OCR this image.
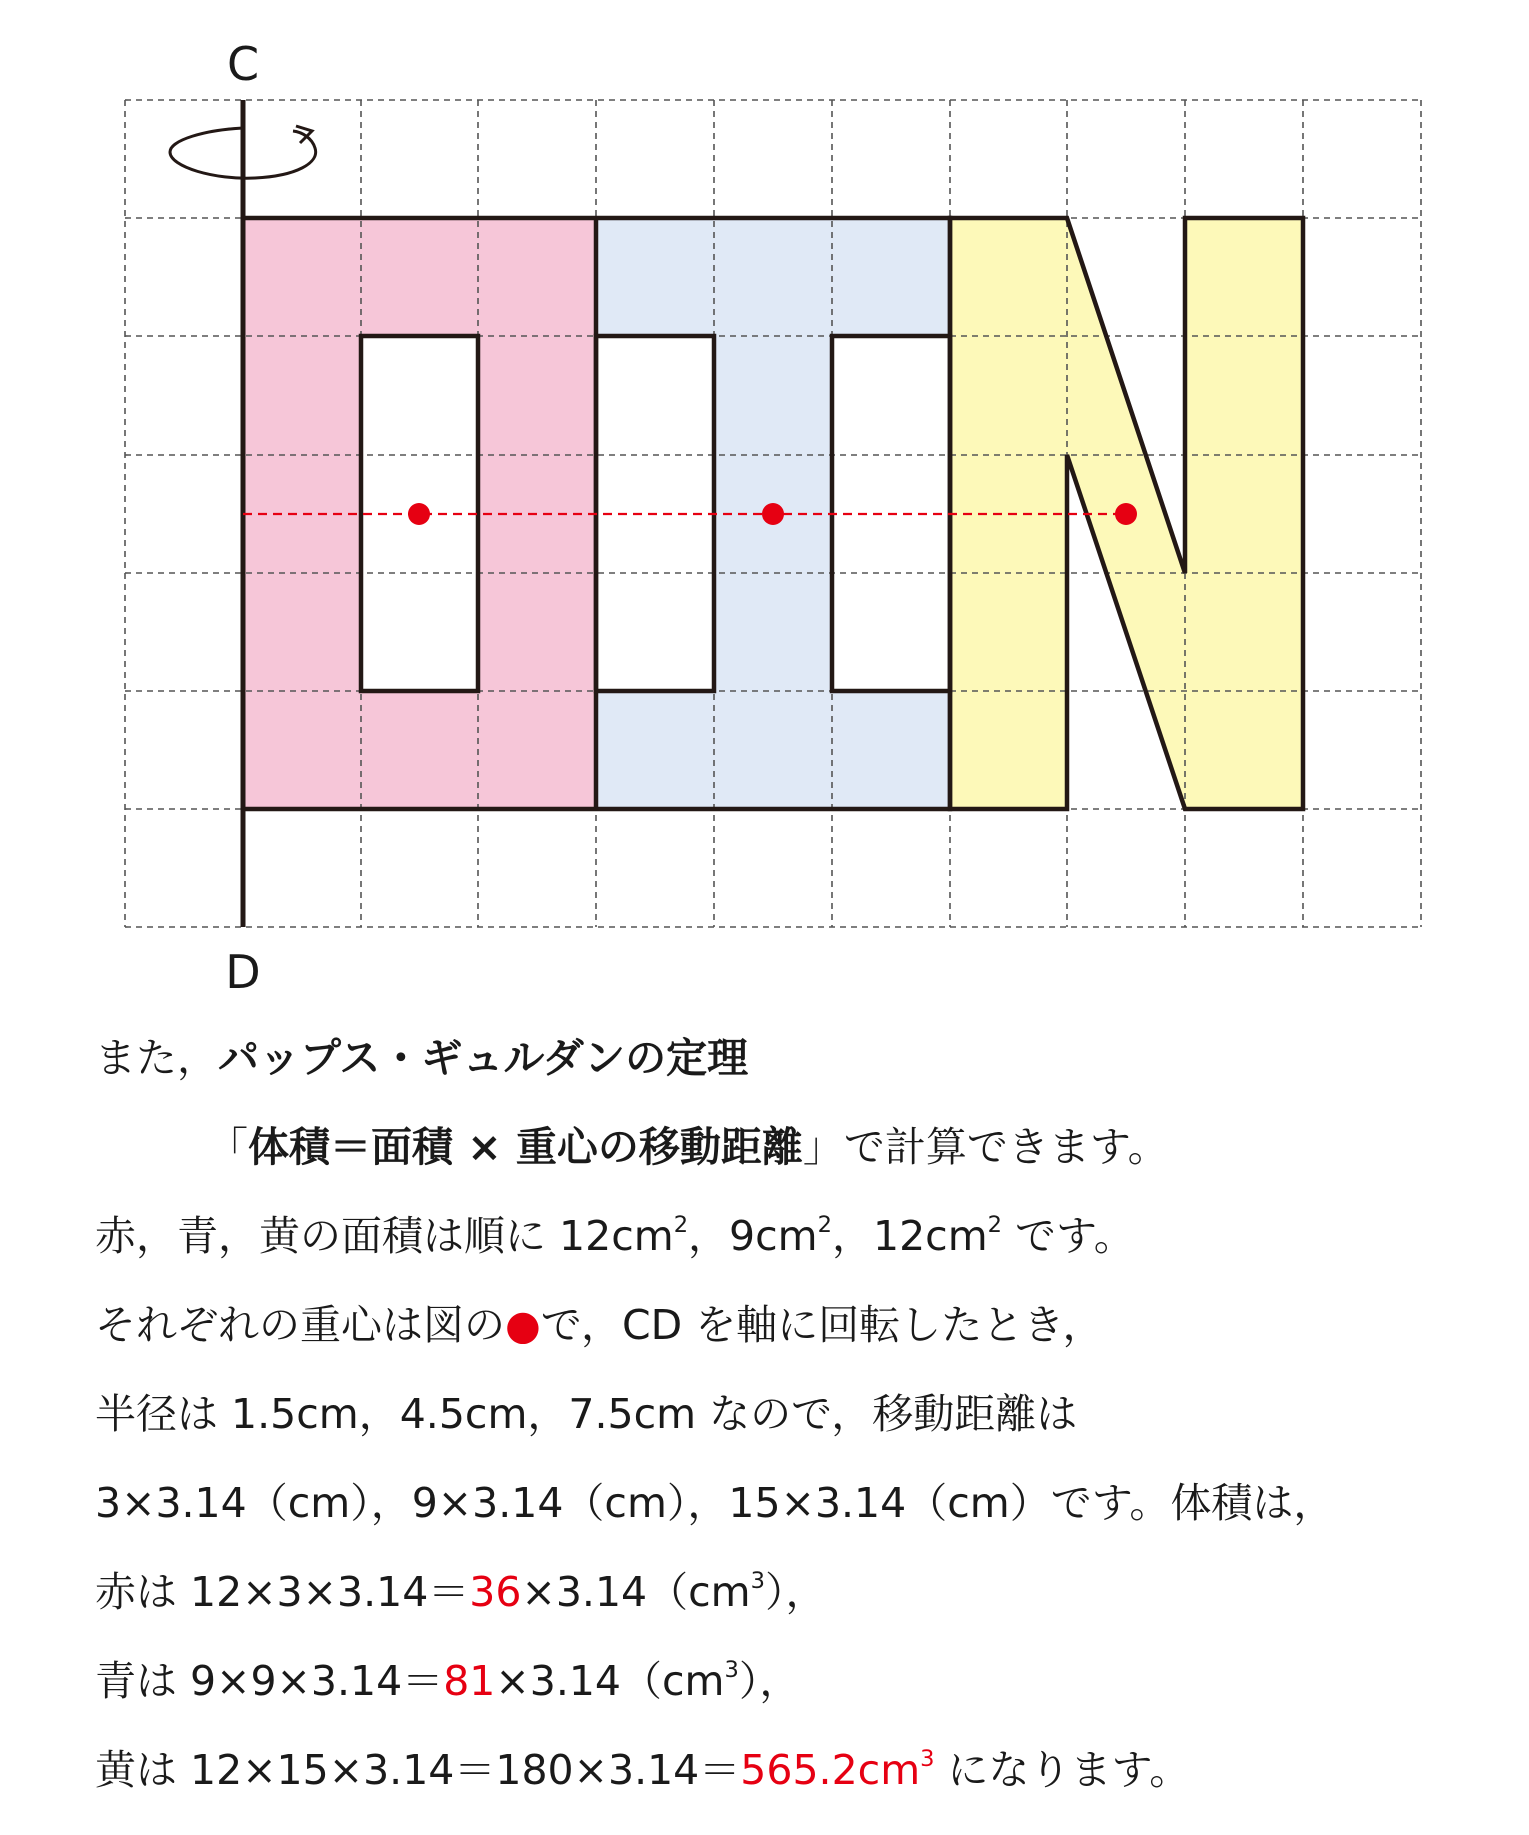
C
D
また，パップス・ギュルダンの定理
「体積＝面積 × 重心の移動距離」で計算できます。
赤，青，黄の面積は順に $12cm^2$，$9cm^2$，$12cm^2$ です。
それぞれの重心は図の●で，CD を軸に回転したとき，
半径は 1.5cm，4.5cm，7.5cm なので，移動距離は
3×3.14（cm），9×3.14（cm），15×3.14（cm）です。体積は，
赤は $12\times 3\times 3.14=36\times 3.14(cm^3)$，
青は $9\times 9\times 3.14=81\times 3.14(cm^3)$，
黄は $12\times 15\times 3.14=180\times 3.14=565.2cm^3$ になります。
